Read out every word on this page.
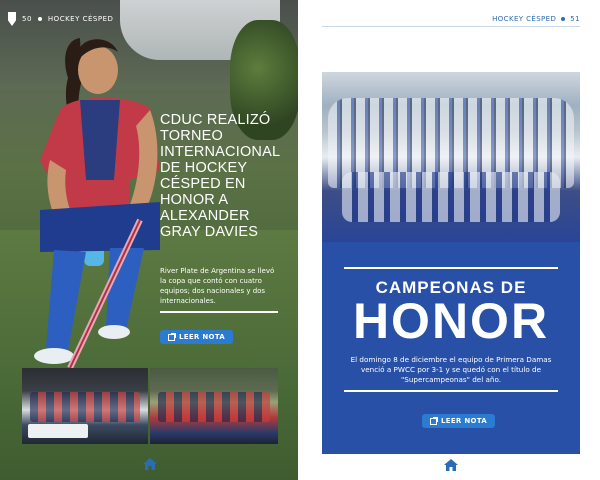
50 HOCKEY CÉSPED
CDUC REALIZÓ TORNEO INTERNACIONAL DE HOCKEY CÉSPED EN HONOR A ALEXANDER GRAY DAVIES

River Plate de Argentina se llevó la copa que contó con cuatro equipos; dos nacionales y dos internacionales.

LEER NOTA
HOCKEY CÉSPED 51
CAMPEONAS DE
HONOR

El domingo 8 de diciembre el equipo de Primera Damas venció a PWCC por 3-1 y se quedó con el título de "Supercampeonas" del año.

LEER NOTA
